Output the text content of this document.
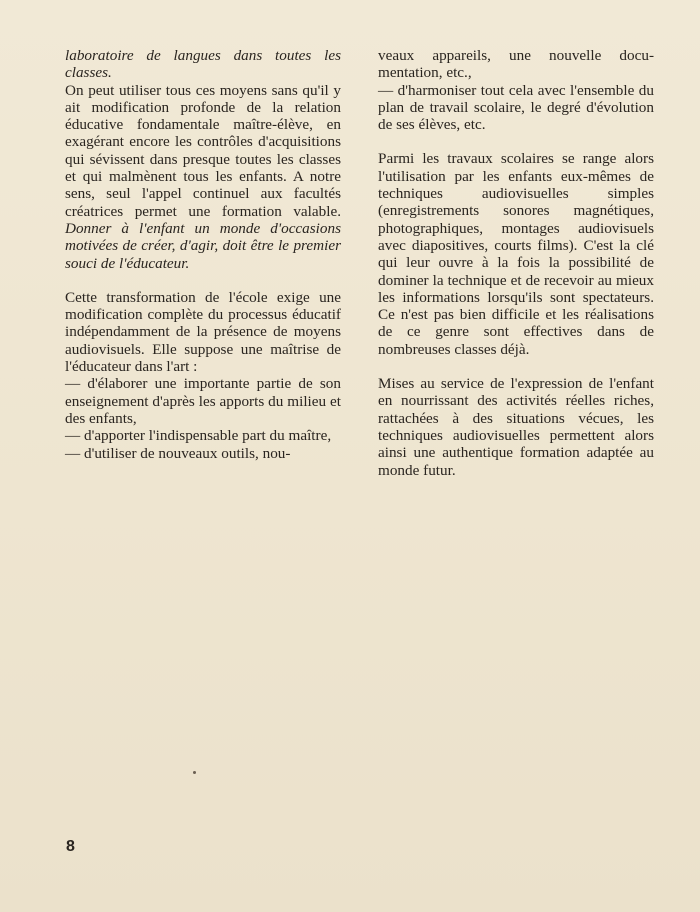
laboratoire de langues dans toutes les classes.

On peut utiliser tous ces moyens sans qu'il y ait modification profonde de la relation éducative fondamentale maître-élève, en exagérant encore les contrôles d'acquisitions qui sévissent dans presque toutes les classes et qui malmènent tous les enfants. A notre sens, seul l'appel continuel aux facultés créatrices permet une formation valable. Donner à l'enfant un monde d'occasions motivées de créer, d'agir, doit être le premier souci de l'éducateur.

Cette transformation de l'école exige une modification complète du processus éducatif indépendamment de la présence de moyens audiovisuels. Elle suppose une maîtrise de l'éducateur dans l'art :

— d'élaborer une importante partie de son enseignement d'après les apports du milieu et des enfants,

— d'apporter l'indispensable part du maître,

— d'utiliser de nouveaux outils, nou-

veaux appareils, une nouvelle documentation, etc.,

— d'harmoniser tout cela avec l'ensemble du plan de travail scolaire, le degré d'évolution de ses élèves, etc.

Parmi les travaux scolaires se range alors l'utilisation par les enfants eux-mêmes de techniques audiovisuelles simples (enregistrements sonores magnétiques, photographiques, montages audiovisuels avec diapositives, courts films). C'est la clé qui leur ouvre à la fois la possibilité de dominer la technique et de recevoir au mieux les informations lorsqu'ils sont spectateurs. Ce n'est pas bien difficile et les réalisations de ce genre sont effectives dans de nombreuses classes déjà.

Mises au service de l'expression de l'enfant en nourrissant des activités réelles riches, rattachées à des situations vécues, les techniques audiovisuelles permettent alors ainsi une authentique formation adaptée au monde futur.

8
